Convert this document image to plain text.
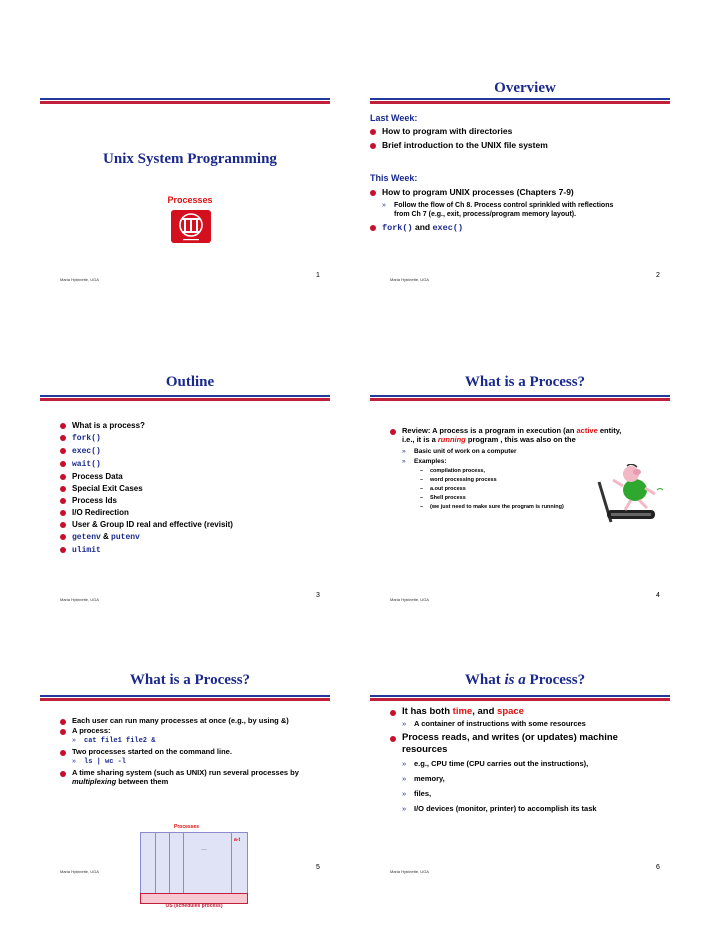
Unix System Programming
Processes
Maria Hybinette, UGA
1
Overview
Last Week:
How to program with directories
Brief introduction to the UNIX file system
This Week:
How to program UNIX processes (Chapters 7-9)
» Follow the flow of Ch 8. Process control sprinkled with reflections from Ch 7 (e.g., exit, process/program memory layout).
fork() and exec()
Maria Hybinette, UGA
2
Outline
What is a process?
fork()
exec()
wait()
Process Data
Special Exit Cases
Process Ids
I/O Redirection
User & Group ID real and effective (revisit)
getenv & putenv
ulimit
Maria Hybinette, UGA
3
What is a Process?
Review: A process is a program in execution (an active entity, i.e., it is a running program , this was also on the
» Basic unit of work on a computer
» Examples:
– compilation process,
– word processing process
– a.out process
– Shell process
– (we just need to make sure the program is running)
Maria Hybinette, UGA
4
What is a Process?
Each user can run many processes at once (e.g., by using &)
A process:
» cat file1 file2 &
Two processes started on the command line.
» ls | wc -l
A time sharing system (such as UNIX) run several processes by multiplexing between them
Processes
a-t
...
OS (schedules process)
Maria Hybinette, UGA
5
What is a Process?
It has both time, and space
» A container of instructions with some resources
Process reads, and writes (or updates) machine resources
» e.g., CPU time (CPU carries out the instructions),
» memory,
» files,
» I/O devices (monitor, printer) to accomplish its task
Maria Hybinette, UGA
6
